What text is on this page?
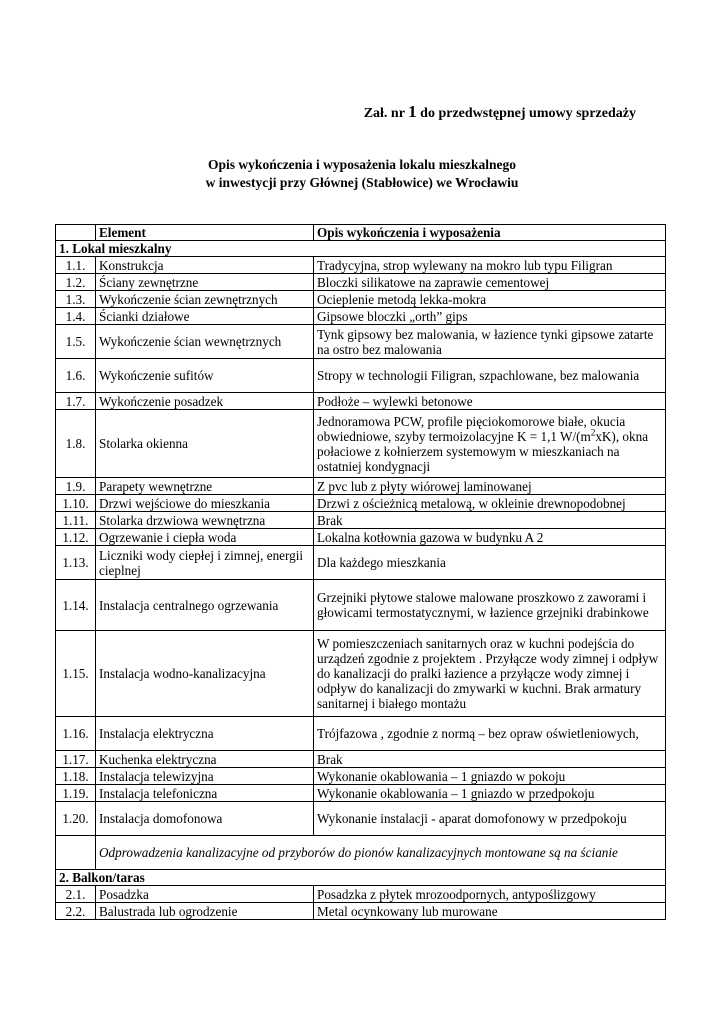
Zał. nr 1 do przedwstępnej umowy sprzedaży
Opis wykończenia i wyposażenia lokalu mieszkalnego
w inwestycji przy Głównej (Stabłowice) we Wrocławiu
	Element	Opis wykończenia i wyposażenia
1. Lokal mieszkalny		
1.1.	Konstrukcja	Tradycyjna, strop wylewany na mokro lub typu Filigran
1.2.	Ściany zewnętrzne	Bloczki silikatowe na zaprawie cementowej
1.3.	Wykończenie ścian zewnętrznych	Ocieplenie metodą lekka-mokra
1.4.	Ścianki działowe	Gipsowe bloczki „orth” gips
1.5.	Wykończenie ścian wewnętrznych	Tynk gipsowy bez malowania, w łazience tynki gipsowe zatarte na ostro bez malowania
1.6.	Wykończenie sufitów	Stropy w technologii Filigran, szpachlowane, bez malowania
1.7.	Wykończenie posadzek	Podłoże – wylewki betonowe
1.8.	Stolarka okienna	Jednoramowa PCW, profile pięciokomorowe białe, okucia obwiedniowe, szyby termoizolacyjne K = 1,1 $W/(m^2xK)$, okna połaciowe z kołnierzem systemowym w mieszkaniach na ostatniej kondygnacji
1.9.	Parapety wewnętrzne	Z pvc lub z płyty wiórowej laminowanej
1.10.	Drzwi wejściowe do mieszkania	Drzwi z ościeżnicą metalową, w okleinie drewnopodobnej
1.11.	Stolarka drzwiowa wewnętrzna	Brak
1.12.	Ogrzewanie i ciepła woda	Lokalna kotłownia gazowa w budynku A 2
1.13.	Liczniki wody ciepłej i zimnej, energii cieplnej	Dla każdego mieszkania
1.14.	Instalacja centralnego ogrzewania	Grzejniki płytowe stalowe malowane proszkowo z zaworami i głowicami termostatycznymi, w łazience grzejniki drabinkowe
1.15.	Instalacja wodno-kanalizacyjna	W pomieszczeniach sanitarnych oraz w kuchni podejścia do urządzeń zgodnie z projektem . Przyłącze wody zimnej i odpływ do kanalizacji do pralki łazience a przyłącze wody zimnej i odpływ do kanalizacji do zmywarki w kuchni. Brak armatury sanitarnej i białego montażu
1.16.	Instalacja elektryczna	Trójfazowa , zgodnie z normą – bez opraw oświetleniowych,
1.17.	Kuchenka elektryczna	Brak
1.18.	Instalacja telewizyjna	Wykonanie okablowania – 1 gniazdo w pokoju
1.19.	Instalacja telefoniczna	Wykonanie okablowania – 1 gniazdo w przedpokoju
1.20.	Instalacja domofonowa	Wykonanie instalacji - aparat domofonowy w przedpokoju
	Odprowadzenia kanalizacyjne od przyborów do pionów kanalizacyjnych montowane są na ścianie	
2. Balkon/taras		
2.1.	Posadzka	Posadzka z płytek mrozoodpornych, antypoślizgowy
2.2.	Balustrada lub ogrodzenie	Metal ocynkowany lub murowane
